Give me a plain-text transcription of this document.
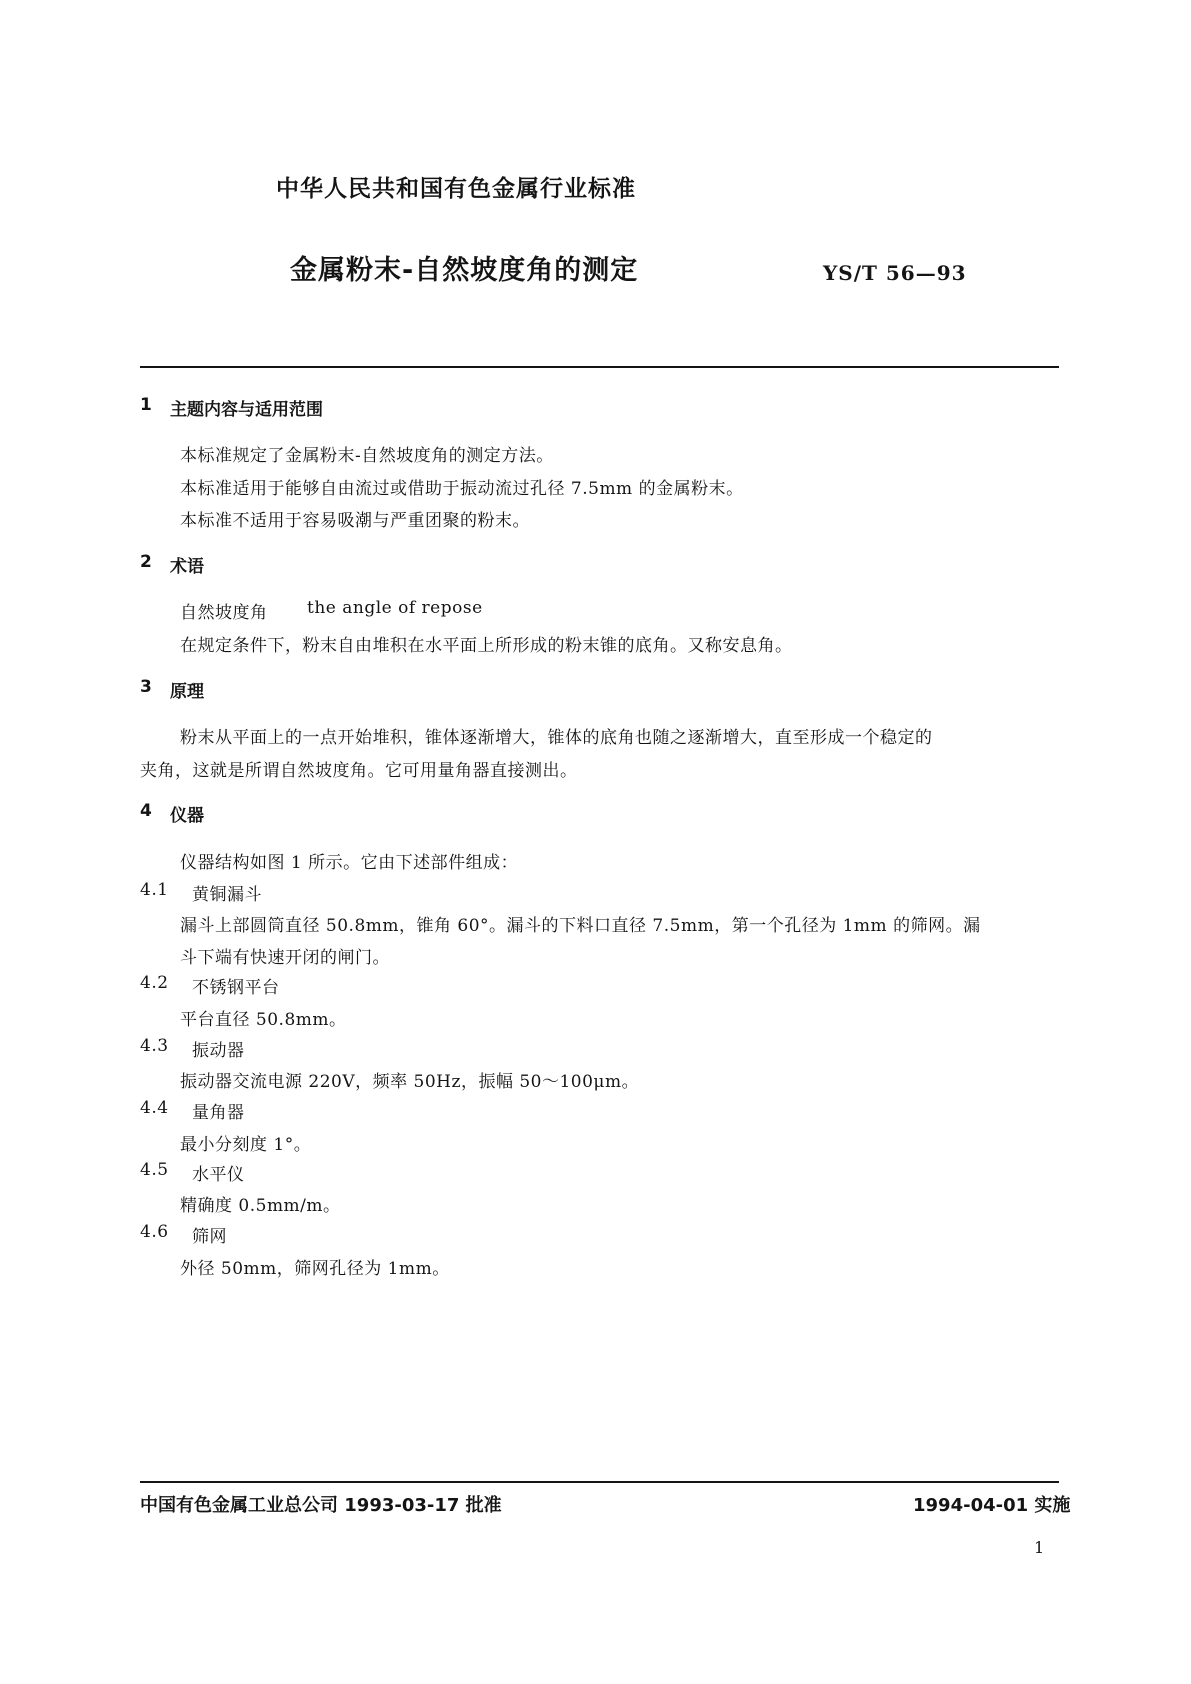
中华人民共和国有色金属行业标准
金属粉末-自然坡度角的测定	YS/T 56—93
1 主题内容与适用范围
本标准规定了金属粉末-自然坡度角的测定方法。
本标准适用于能够自由流过或借助于振动流过孔径 7.5mm 的金属粉末。
本标准不适用于容易吸潮与严重团聚的粉末。
2 术语
自然坡度角 the angle of repose
在规定条件下，粉末自由堆积在水平面上所形成的粉末锥的底角。又称安息角。
3 原理
粉末从平面上的一点开始堆积，锥体逐渐增大，锥体的底角也随之逐渐增大，直至形成一个稳定的
夹角，这就是所谓自然坡度角。它可用量角器直接测出。
4 仪器
仪器结构如图 1 所示。它由下述部件组成：
4.1 黄铜漏斗
漏斗上部圆筒直径 50.8mm，锥角 60°。漏斗的下料口直径 7.5mm，第一个孔径为 1mm 的筛网。漏
斗下端有快速开闭的闸门。
4.2 不锈钢平台
平台直径 50.8mm。
4.3 振动器
振动器交流电源 220V，频率 50Hz，振幅 50～100μm。
4.4 量角器
最小分刻度 1°。
4.5 水平仪
精确度 0.5mm/m。
4.6 筛网
外径 50mm，筛网孔径为 1mm。
中国有色金属工业总公司 1993-03-17 批准	1994-04-01 实施
1
